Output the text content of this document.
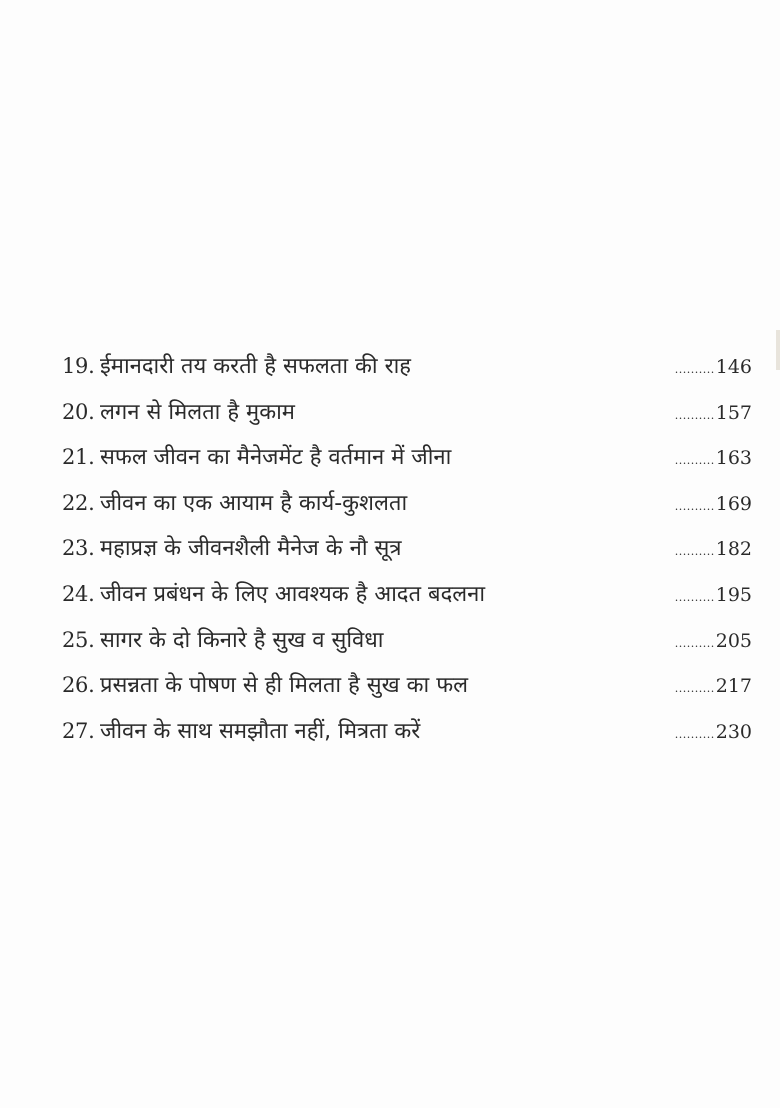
19. ईमानदारी तय करती है सफलता की राह	..........146
20. लगन से मिलता है मुकाम	..........157
21. सफल जीवन का मैनेजमेंट है वर्तमान में जीना	..........163
22. जीवन का एक आयाम है कार्य-कुशलता	..........169
23. महाप्रज्ञ के जीवनशैली मैनेज के नौ सूत्र	..........182
24. जीवन प्रबंधन के लिए आवश्यक है आदत बदलना	..........195
25. सागर के दो किनारे है सुख व सुविधा	..........205
26. प्रसन्नता के पोषण से ही मिलता है सुख का फल	..........217
27. जीवन के साथ समझौता नहीं, मित्रता करें	..........230
